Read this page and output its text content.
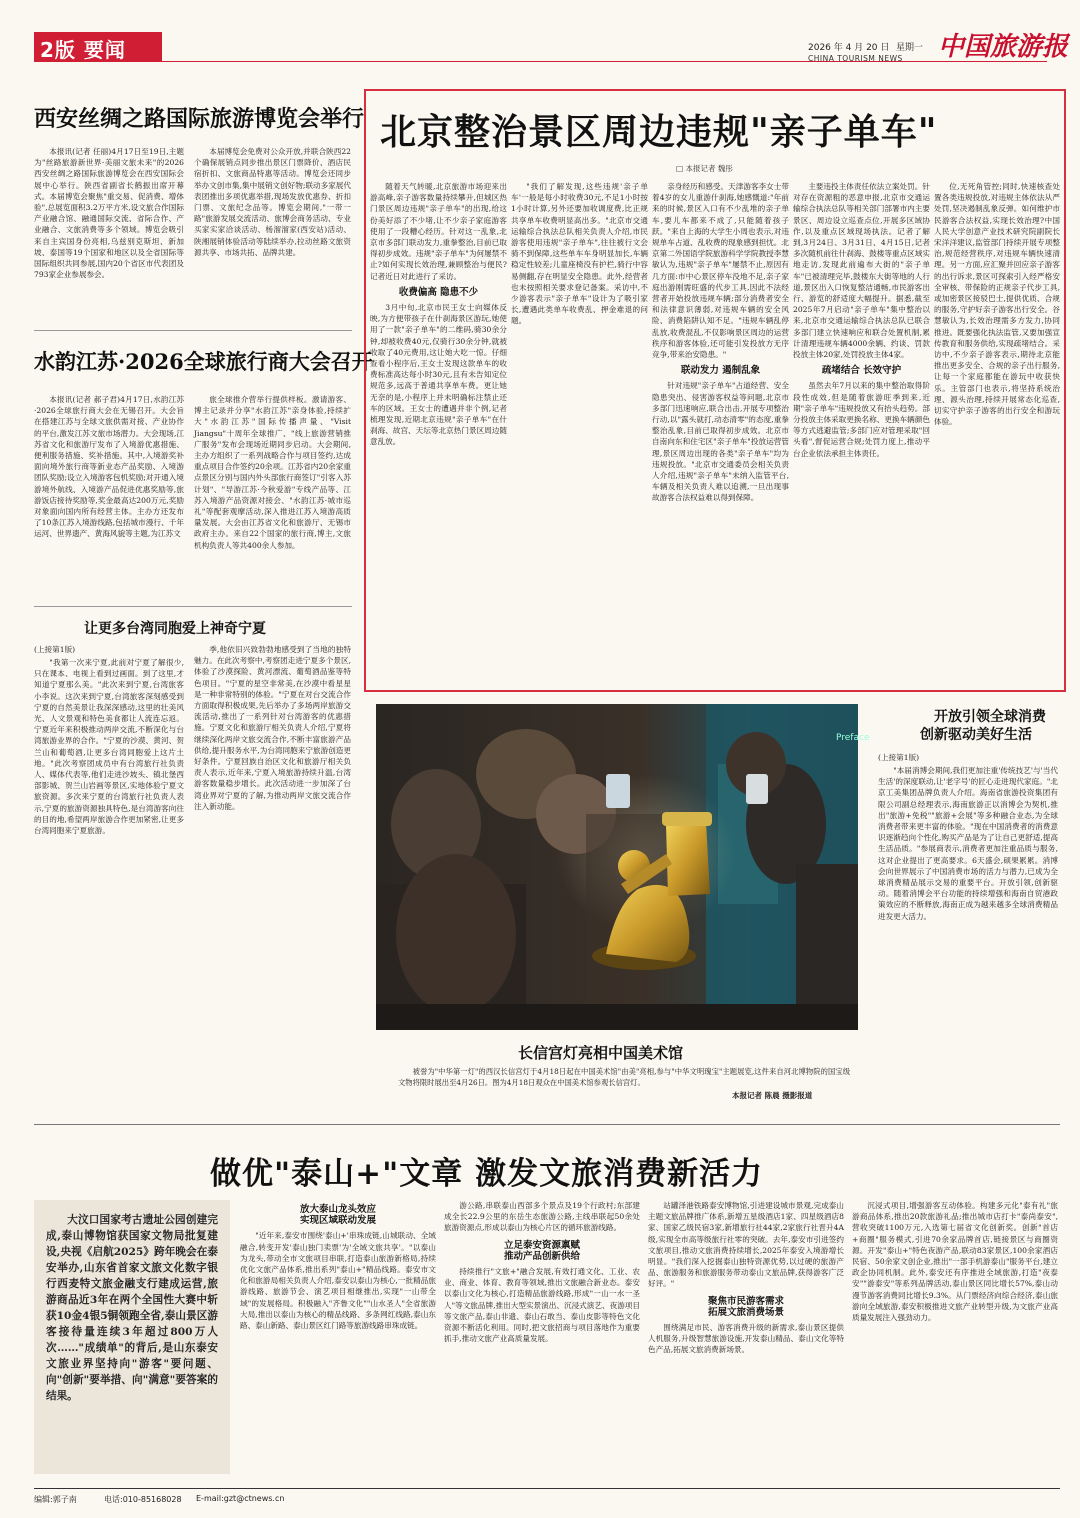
2版 要闻	2026 年 4 月 20 日 星期一
CHINA TOURISM NEWS 中国旅游报
西安丝绸之路国际旅游博览会举行

本报讯(记者 任丽)4月17日至19日,主题为"丝路旅游新世界·美丽文旅未来"的2026西安丝绸之路国际旅游博览会在西安国际会展中心举行。陕西省副省长鹤振出席开幕式。本届博览会聚焦"重交易、促消费、增体验",总展览面积3.2万平方米,设文旅合作国际产业融合馆、融通国际交流、省际合作、产业融合、文旅消费等多个领域。博览会吸引来自主宾国身份亮相,乌兹别克斯坦、新加坡、泰国等19个国家和地区以及全省国际等国际组织共同参展,国内20个省区市代表团及793家企业参展参会。

本届博览会免费对公众开放,并联合陕西22个确保展销点同步推出景区门票降价、酒店民宿折扣、文旅商品特惠等活动。博览会还同步举办文创市集,集中展销文创好物;联动多家展代表团推出多项优惠举措,现场发放优惠券、折扣门票、文旅纪念品等。博览会期间,"一带一路"旅游发展交流活动、旅博会商务活动、专业买家实家洽谈活动、杨溜溜家(西安站)活动、陕湘展销体验活动等陆续举办,拉动丝路文旅资源共享、市场共拓、品牌共建。

水韵江苏·2026全球旅行商大会召开

本报讯(记者 郝子君)4月17日,水韵江苏·2026全球旅行商大会在无锡召开。大会旨在搭建江苏与全球文旅供需对接、产业协作的平台,激发江苏文旅市场潜力。大会现场,江苏省文化和旅游厅发布了入境游优惠措施、便利服务措施、奖补措施。其中,入境游奖补面向境外旅行商等新业态产品奖励、入境游团队奖励;设立入境游客包机奖励;对开通入境游境外航线、入境游产品促进优惠奖励等,旅游饭店接待奖励等,奖金最高达200万元,奖励对象面向国内所有经营主体。主办方还发布了10条江苏入境游线路,包括城市漫行、千年运河、世界遗产、黄海风貌等主题,为江苏文

旅全球推介营举行提供样板。激请游客、博主记录并分享"水韵江苏"亲身体验,持续扩大"水韵江苏"国际传播声量、"Visit Jiangsu"十周年全球推广、"线上旅游营销推广服务"发布会现场近期同步启动。大会期间,主办方组织了一系列战略合作与项目签约,达成重点项目合作签约20余项。江苏省内20余家重点景区分别与国内外头部旅行商签订"引客入苏计划"、"导游江苏·今秋爱游"专线产品等、江苏入境游产品资源对接会、"水韵江苏·城市巡礼"等配套观摩活动,深入推进江苏入境游高质量发展。大会由江苏省文化和旅游厅、无锡市政府主办。来自22个国家的旅行商,博主,文旅机构负责人等共400余人参加。

让更多台湾同胞爱上神奇宁夏
(上接第1版)

"我第一次来宁夏,此前对宁夏了解很少,只在课本、电视上看到过画面。到了这里,才知道宁夏那么美。"此次来到宁夏,台湾旅客小李说。这次来到宁夏,台湾旅客深刻感受到宁夏的自然美景让我深深感动,这里的壮美风光、人文景观和特色美食都让人流连忘返。宁夏近年来积极推动两岸交流,不断深化与台湾旅游业界的合作。"宁夏的沙漠、黄河、贺兰山和葡萄酒,让更多台湾同胞爱上这片土地。"此次考察团成员中有台湾旅行社负责人、媒体代表等,他们走进沙坡头、镇北堡西部影城、贺兰山岩画等景区,实地体验宁夏文旅资源。多次来宁夏的台湾旅行社负责人表示,宁夏的旅游资源独具特色,是台湾游客向往的目的地,希望两岸旅游合作更加紧密,让更多台湾同胞来宁夏旅游。

季,他依旧兴致勃勃地感受到了当地的独特魅力。在此次考察中,考察团走进宁夏多个景区,体验了沙漠探险、黄河漂流、葡萄酒品鉴等特色项目。"宁夏的星空非常美,在沙漠中看星星是一种非常特别的体验。"宁夏在对台交流合作方面取得积极成果,先后举办了多场两岸旅游交流活动,推出了一系列针对台湾游客的优惠措施。宁夏文化和旅游厅相关负责人介绍,宁夏将继续深化两岸文旅交流合作,不断丰富旅游产品供给,提升服务水平,为台湾同胞来宁旅游创造更好条件。宁夏回族自治区文化和旅游厅相关负责人表示,近年来,宁夏入境旅游持续升温,台湾游客数量稳步增长。此次活动进一步加深了台湾业界对宁夏的了解,为推动两岸文旅交流合作注入新动能。

北京整治景区周边违规"亲子单车"
□ 本报记者 魏彤

随着天气转暖,北京旅游市场迎来出游高峰,亲子游客数量持续攀升,但城区热门景区周边违规"亲子单车"的出现,给这份美好添了不少堵,让不少亲子家庭游客使用了一段糟心经历。针对这一乱象,北京市多部门联动发力,重拳整治,目前已取得初步成效。违规"亲子单车"为何屡禁不止?如何实现长效治理,兼顾整治与便民?记者近日对此进行了采访。

收费偏高 隐患不少

3月中旬,北京市民王女士向媒体反映,为方便带孩子在什刹海景区游玩,她使用了一款"亲子单车"的二维码,骑30余分钟,却被收费40元,仅骑行30余分钟,就被收取了40元费用,这让她大吃一惊。仔细查看小程序后,王女士发现这款单车的收费标准高达每小时30元,且有未告知定位规范多,远高于普通共享单车费。更让她无奈的是,小程序上并未明确标注禁止还车的区域。王女士的遭遇并非个例,记者梳理发现,近期北京违规"亲子单车"在什刹海、故宫、天坛等北京热门景区周边随意乱放。

"我们了解发现,这些违规'亲子单车'一般是每小时收费30元,不足1小时按1小时计算,另外还要加收调度费,比正规共享单车收费明显高出多。"北京市交通运输综合执法总队相关负责人介绍,市民游客使用违规"亲子单车",往往被行文会骑不到保障,这些单车车身明显加长,车辆稳定性较差;儿童座椅没有护栏,骑行中容易侧翻,存在明显安全隐患。此外,经营者也未按照相关要求登记备案。采访中,不少游客表示"亲子单车"设计为了吸引家长,遭遇此类单车收费乱、押金难退的问题。

亲身经历和感受。天津游客李女士带着4岁的女儿重游什刹海,她感慨道:"年前来的时候,景区入口有不少乱堆的亲子单车,要儿车都来不成了,只能随着孩子跃。"来自上海的大学生小周也表示,对违规单车占道、乱收费的现象感到担忧。北京第二外国语学院旅游科学学院教授李慧敏认为,违规"亲子单车"屡禁不止,原因有几方面:市中心景区停车没地不足,亲子家庭出游刚需旺盛的代步工具,因此不法经营者开始投放违规车辆;部分消费者安全和法律意识薄弱,对违规车辆的安全风险、消费陷阱认知不足。"违规车辆乱停乱放,收费混乱,不仅影响景区周边的运营秩序和游客体验,还可能引发投放方无序竞争,带来治安隐患。"

联动发力 遏制乱象

针对违规"亲子单车"占道经营、安全隐患突出、侵害游客权益等问题,北京市多部门迅速响应,联合出击,开展专项整治行动,以"露头就打,动态清零"的态度,重拳整治乱象,目前已取得初步成效。北京市自南向东和住宅区"亲子单车"投放运营管理,景区周边出现的各类"亲子单车"均为违规投放。"北京市交通委员会相关负责人介绍,违规"亲子单车"未纳入监管平台,车辆及相关负责人难以追溯,一旦出现事故游客合法权益难以得到保障。

主要违投主体责任依法立案处罚。针对存在资源粗的恶意申报,北京市交通运输综合执法总队等相关部门部署市内主要景区、周边设立巡查点位,开展多区域协作,以及重点区域现场执法。记者了解到,3月24日、3月31日、4月15日,记者多次随机前往什刹海、鼓楼等重点区域实地走访,发现此前遍布大街的"亲子单车"已被清理完毕,鼓楼东大街等地的人行道,景区出入口恢复整洁通畅,市民游客出行、游览的舒适度大幅提升。据悉,截至2025年7月启动"亲子单车"集中整治以来,北京市交通运输综合执法总队已联合多部门建立快速响应和联合处置机制,累计清理违规车辆4000余辆、约谈、罚款投放主体20家,处罚投放主体4家。

疏堵结合 长效守护

虽然去年7月以来的集中整治取得阶段性成效,但是随着旅游旺季到来,近期"亲子单车"违规投放又有抬头趋势。部分投放主体采取更换名称、更换车辆颜色等方式逃避监管;多部门应对管理采取"回头看",督促运营合规;处罚力度上,推动平台企业依法承担主体责任。

位,无死角管控;同时,快速核查处置各类违规投放,对违规主体依法从严处罚,坚决遏制乱象反弹。如何维护市民游客合法权益,实现长效治理?中国人民大学创意产业技术研究院副院长宋洋洋建议,监管部门持续开展专项整治,规范经营秩序,对违规车辆快速清理。另一方面,应汇聚并回应亲子游客的出行诉求,景区可探索引入经严格安全审核、带保险的正规亲子代步工具,或加密景区接驳巴士,提供优质、合规的服务,守护好亲子游客出行安全。谷慧敏认为,长效治理需多方发力,协同推进。既要强化执法监管,又要加强宣传教育和服务供给,实现疏堵结合。采访中,不少亲子游客表示,期待北京能推出更多安全、合规的亲子出行服务,让每一个家庭都能在游玩中收获快乐。主管部门也表示,将坚持系统治理、源头治理,持续开展常态化巡查,切实守护亲子游客的出行安全和游玩体验。

Preface
长信宫灯亮相中国美术馆

被誉为"中华第一灯"的西汉长信宫灯于4月18日起在中国美术馆"由美"亮相,参与"中华文明瑰宝"主题展览,这件来自河北博物院的国宝级文物将限时展出至4月26日。图为4月18日观众在中国美术馆参观长信宫灯。

本报记者 陈晨 摄影报道
开放引领全球消费
创新驱动美好生活
(上接第1版)

"本届消博会期间,我们更加注重'传统技艺'与'当代生活'的深度联动,让'老字号'的匠心走进现代家庭。"北京工美集团品牌负责人介绍。海南省旅游投资集团有限公司副总经理表示,海南旅游正以消博会为契机,推出"旅游+免税""旅游+会展"等多种融合业态,为全球消费者带来更丰富的体验。"现在中国消费者的消费意识逐渐趋向个性化,购买产品是为了让自己更舒适,提高生活品质。"参展商表示,消费者更加注重品质与服务,这对企业提出了更高要求。6天盛会,硕果累累。消博会向世界展示了中国消费市场的活力与潜力,已成为全球消费精品展示交易的重要平台。开放引领,创新驱动。随着消博会平台功能的持续增强和海南自贸港政策效应的不断释放,海南正成为越来越多全球消费精品进发更大活力。

做优"泰山+"文章 激发文旅消费新活力

大汶口国家考古遗址公园创建完成,泰山博物馆获国家文物局批复建设,央视《启航2025》跨年晚会在泰安举办,山东省首家文旅文化数字银行西麦特文旅金融支行建成运营,旅游商品近3年在两个全国性大赛中斩获10金4银5铜领跑全省,泰山景区游客接待量连续3年超过800万人次……"成绩单"的背后,是山东泰安文旅业界坚持向"游客"要问题、向"创新"要举措、向"满意"要答案的结果。

放大泰山龙头效应
实现区域联动发展

"近年来,泰安市围绕'泰山+'串珠成链,山城联动、全域融合,转变开发'泰山独门卖票'为'全域文旅共享'。"以泰山为龙头,带动全市文旅项目串联,打造泰山旅游新格局,持续优化文旅产品体系,推出系列"泰山+"精品线路。泰安市文化和旅游局相关负责人介绍,泰安以泰山为核心,一批精品旅游线路、旅游节会、演艺项目相继推出,实现"一山带全域"的发展格局。积极融入"齐鲁文化""山水圣人"全省旅游大局,推出以泰山为核心的精品线路、多条网红线路,泰山东路、泰山新路、泰山景区红门路等旅游线路串珠成链。

游公路,串联泰山西部多个景点及19个行政村;东部建成全长22.9公里的东岳生态旅游公路,主线串联起50余处旅游资源点,形成以泰山为核心片区的循环旅游线路。

立足泰安资源禀赋
推动产品创新供给

持续推行"文旅+"融合发展,有效打通文化、工业、农业、商业、体育、教育等领域,推出文旅融合新业态。泰安以泰山文化为核心,打造精品旅游线路,形成"一山一水一圣人"等文旅品牌,推出大型实景演出、沉浸式演艺、夜游项目等文旅产品,泰山非遗、泰山石敢当、泰山皮影等特色文化资源不断活化利用。同时,把文旅招商与项目落地作为重要抓手,推动文旅产业高质量发展。

站罐泽港铁路泰安博物馆,引进建设城市景观,完成泰山主题文旅品牌推广体系,新增五星级酒店1家、四星级酒店8家、国家乙级民宿3家,新增旅行社44家,2家旅行社晋升4A级,实现全市高等级旅行社零的突破。去年,泰安市引进签约文旅项目,推动文旅消费持续增长,2025年泰安入境游增长明显。"我们深入挖掘泰山独特资源优势,以过硬的旅游产品、旅游服务和旅游服务带动泰山文旅品牌,获得游客广泛好评。"

聚焦市民游客需求
拓展文旅消费场景

围绕满足市民、游客消费升级的新需求,泰山景区提供人机服务,升级智慧旅游设施,开发泰山精品、泰山文化等特色产品,拓展文旅消费新场景。

沉浸式项目,增强游客互动体验。构建多元化"泰有礼"旅游商品体系,推出20款旅游礼品;推出城市店打卡"泰尚泰安",营收突破1100万元,入选第七届省文化创新奖。创新"首店+商圈"服务模式,引进70余家品牌首店,链接景区与商圈资源。开发"泰山+"特色夜游产品,联动83家景区,100余家酒店民宿、50余家文创企业,推出"一部手机游泰山"服务平台,建立政企协同机制。此外,泰安还有序推进全域旅游,打造"夜泰安""游泰安"等系列品牌活动,泰山景区同比增长57%,泰山动漫节游客消费同比增长9.3%。从门票经济向综合经济,泰山旅游向全域旅游,泰安积极推进文旅产业转型升级,为文旅产业高质量发展注入强劲动力。

编辑:郭子南	电话:010-85168028 E-mail:gzt@ctnews.cn
